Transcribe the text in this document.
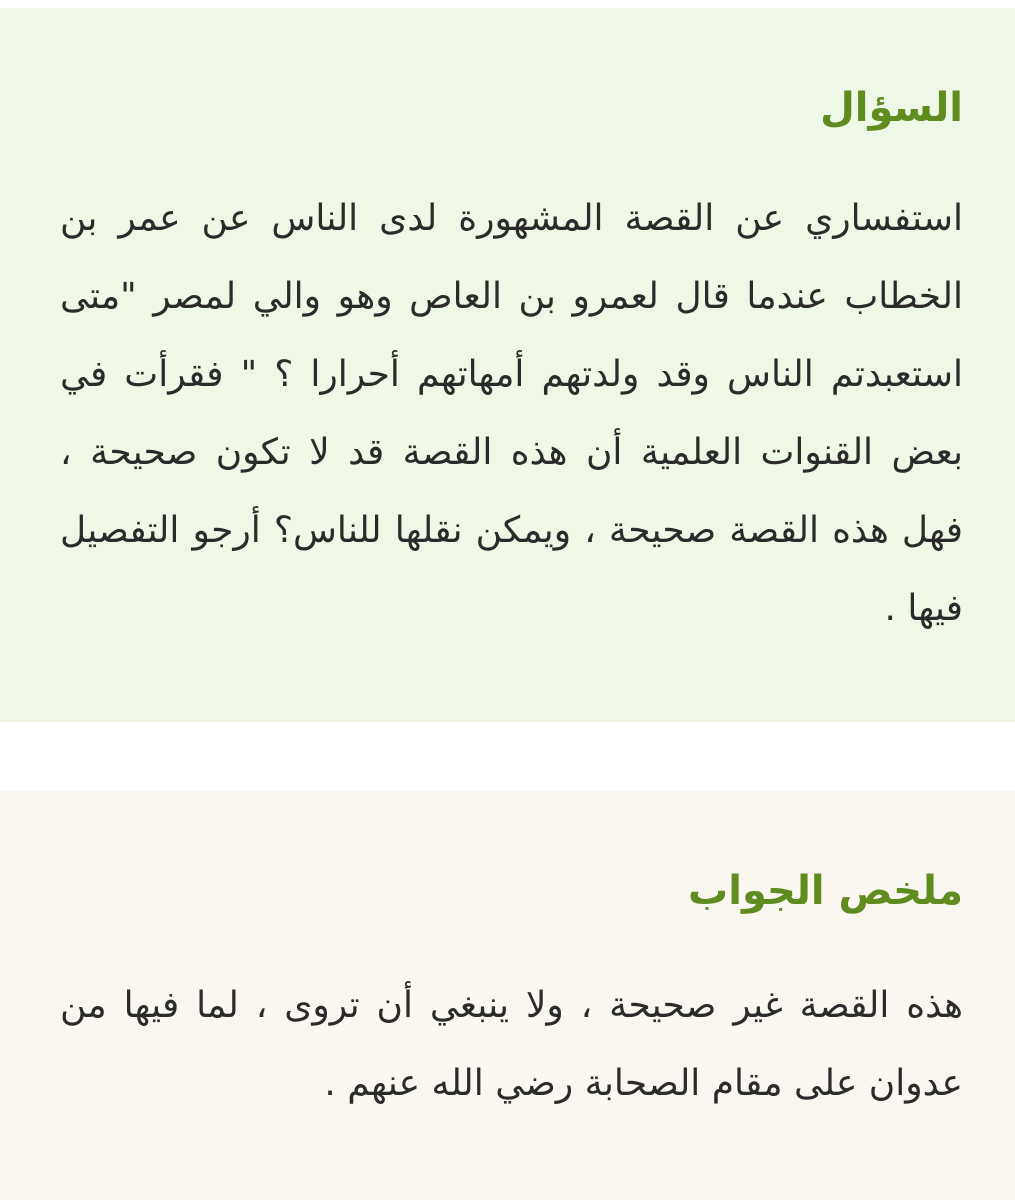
السؤال

استفساري عن القصة المشهورة لدى الناس عن عمر بن الخطاب عندما قال لعمرو بن العاص وهو والي لمصر "متى استعبدتم الناس وقد ولدتهم أمهاتهم أحرارا ؟ " فقرأت في بعض القنوات العلمية أن هذه القصة قد لا تكون صحيحة ، فهل هذه القصة صحيحة ، ويمكن نقلها للناس؟ أرجو التفصيل فيها .

ملخص الجواب

هذه القصة غير صحيحة ، ولا ينبغي أن تروى ، لما فيها من عدوان على مقام الصحابة رضي الله عنهم .
